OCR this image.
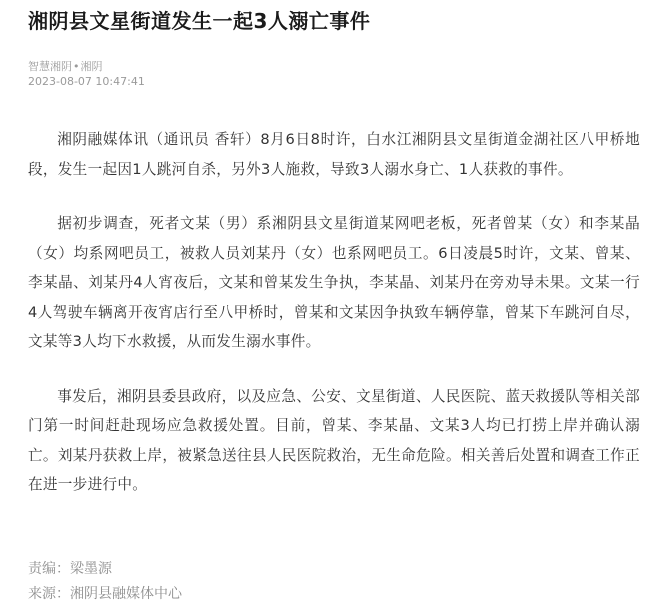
湘阴县文星街道发生一起3人溺亡事件
智慧湘阴•湘阴
2023-08-07 10:47:41

湘阴融媒体讯（通讯员 香轩）8月6日8时许，白水江湘阴县文星街道金湖社区八甲桥地段，发生一起因1人跳河自杀，另外3人施救，导致3人溺水身亡、1人获救的事件。

据初步调查，死者文某（男）系湘阴县文星街道某网吧老板，死者曾某（女）和李某晶（女）均系网吧员工，被救人员刘某丹（女）也系网吧员工。6日凌晨5时许，文某、曾某、李某晶、刘某丹4人宵夜后，文某和曾某发生争执，李某晶、刘某丹在旁劝导未果。文某一行4人驾驶车辆离开夜宵店行至八甲桥时，曾某和文某因争执致车辆停靠，曾某下车跳河自尽，文某等3人均下水救援，从而发生溺水事件。

事发后，湘阴县委县政府，以及应急、公安、文星街道、人民医院、蓝天救援队等相关部门第一时间赶赴现场应急救援处置。目前，曾某、李某晶、文某3人均已打捞上岸并确认溺亡。刘某丹获救上岸，被紧急送往县人民医院救治，无生命危险。相关善后处置和调查工作正在进一步进行中。

责编：梁墨源
来源：湘阴县融媒体中心
